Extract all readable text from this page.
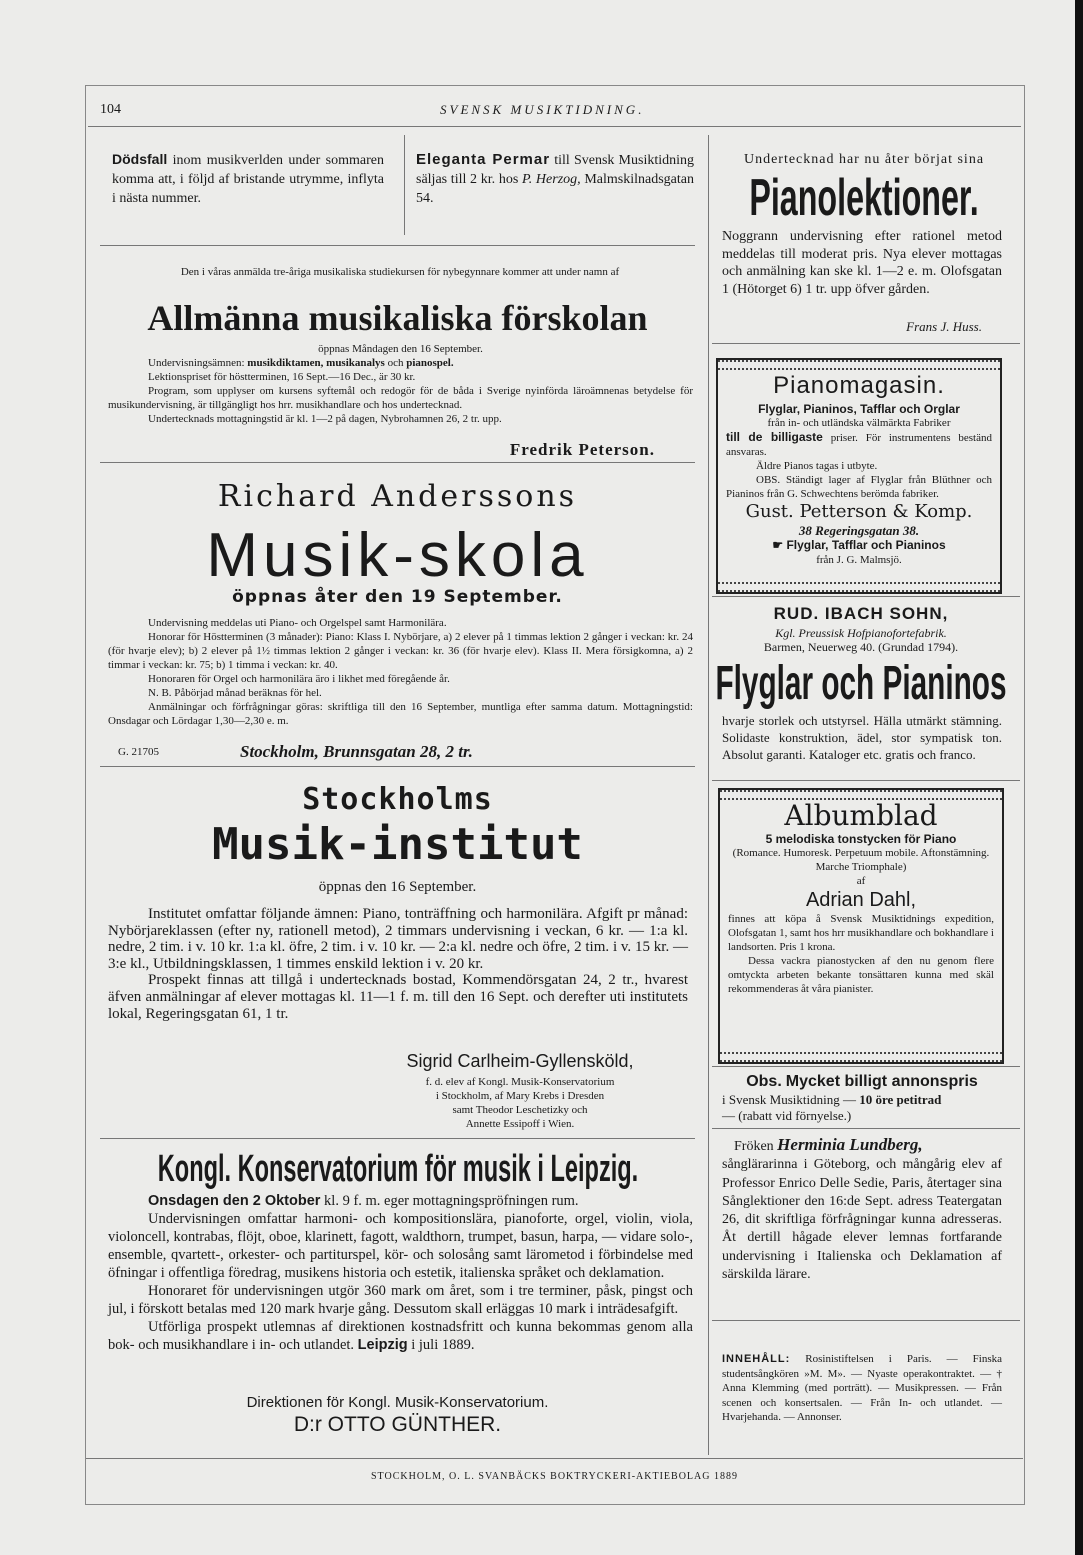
104	SVENSK MUSIKTIDNING.
Dödsfall inom musikverlden under sommaren komma att, i följd af bristande utrymme, inflyta i nästa nummer.
Eleganta Permar till Svensk Musiktidning säljas till 2 kr. hos P. Herzog, Malmskilnadsgatan 54.
Den i våras anmälda tre-åriga musikaliska studiekursen för nybegynnare kommer att under namn af
Allmänna musikaliska förskolan

öppnas Måndagen den 16 September.

Undervisningsämnen: musikdiktamen, musikanalys och pianospel.

Lektionspriset för höstterminen, 16 Sept.—16 Dec., är 30 kr.

Program, som upplyser om kursens syftemål och redogör för de båda i Sverige nyinförda läroämnenas betydelse för musikundervisning, är tillgängligt hos hrr. musikhandlare och hos undertecknad.

Undertecknads mottagningstid är kl. 1—2 på dagen, Nybrohamnen 26, 2 tr. upp.

Fredrik Peterson.
Richard Anderssons
Musik-skola
öppnas åter den 19 September.

Undervisning meddelas uti Piano- och Orgelspel samt Harmonilära.

Honorar för Höstterminen (3 månader): Piano: Klass I. Nybörjare, a) 2 elever på 1 timmas lektion 2 gånger i veckan: kr. 24 (för hvarje elev); b) 2 elever på 1½ timmas lektion 2 gånger i veckan: kr. 36 (för hvarje elev). Klass II. Mera försigkomna, a) 2 timmar i veckan: kr. 75; b) 1 timma i veckan: kr. 40.

Honoraren för Orgel och harmonilära äro i likhet med föregående år.

N. B. Påbörjad månad beräknas för hel.

Anmälningar och förfrågningar göras: skriftliga till den 16 September, muntliga efter samma datum. Mottagningstid: Onsdagar och Lördagar 1,30—2,30 e. m.

G. 21705	Stockholm, Brunnsgatan 28, 2 tr.
Stockholms
Musik-institut
öppnas den 16 September.

Institutet omfattar följande ämnen: Piano, tonträffning och harmonilära. Afgift pr månad: Nybörjareklassen (efter ny, rationell metod), 2 timmars undervisning i veckan, 6 kr. — 1:a kl. nedre, 2 tim. i v. 10 kr. 1:a kl. öfre, 2 tim. i v. 10 kr. — 2:a kl. nedre och öfre, 2 tim. i v. 15 kr. — 3:e kl., Utbildningsklassen, 1 timmes enskild lektion i v. 20 kr.

Prospekt finnas att tillgå i undertecknads bostad, Kommendörsgatan 24, 2 tr., hvarest äfven anmälningar af elever mottagas kl. 11—1 f. m. till den 16 Sept. och derefter uti institutets lokal, Regeringsgatan 61, 1 tr.

Sigrid Carlheim-Gyllensköld,

f. d. elev af Kongl. Musik-Konservatorium

i Stockholm, af Mary Krebs i Dresden

samt Theodor Leschetizky och

Annette Essipoff i Wien.

Kongl. Konservatorium för musik i Leipzig.

Onsdagen den 2 Oktober kl. 9 f. m. eger mottagningspröfningen rum.

Undervisningen omfattar harmoni- och kompositionslära, pianoforte, orgel, violin, viola, violoncell, kontrabas, flöjt, oboe, klarinett, fagott, waldthorn, trumpet, basun, harpa, — vidare solo-, ensemble, qvartett-, orkester- och partiturspel, kör- och solosång samt lärometod i förbindelse med öfningar i offentliga föredrag, musikens historia och estetik, italienska språket och deklamation.

Honoraret för undervisningen utgör 360 mark om året, som i tre terminer, påsk, pingst och jul, i förskott betalas med 120 mark hvarje gång. Dessutom skall erläggas 10 mark i inträdesafgift.

Utförliga prospekt utlemnas af direktionen kostnadsfritt och kunna bekommas genom alla bok- och musikhandlare i in- och utlandet. Leipzig i juli 1889.

Direktionen för Kongl. Musik-Konservatorium.
D:r OTTO GÜNTHER.
Undertecknad har nu åter börjat sina
Pianolektioner.
Noggrann undervisning efter rationel metod meddelas till moderat pris. Nya elever mottagas och anmälning kan ske kl. 1—2 e. m. Olofsgatan 1 (Hötorget 6) 1 tr. upp öfver gården.
Frans J. Huss.
Pianomagasin.

Flyglar, Pianinos, Tafflar och Orglar

från in- och utländska välmärkta Fabriker

till de billigaste priser. För instrumentens beständ ansvaras.

Äldre Pianos tagas i utbyte.

OBS. Ständigt lager af Flyglar från Blüthner och Pianinos från G. Schwechtens berömda fabriker.

Gust. Petterson & Komp.
38 Regeringsgatan 38.
☛ Flyglar, Tafflar och Pianinos
från J. G. Malmsjö.
RUD. IBACH SOHN,
Kgl. Preussisk Hofpianofortefabrik.
Barmen, Neuerweg 40. (Grundad 1794).
Flyglar och Pianinos
hvarje storlek och utstyrsel. Hälla utmärkt stämning. Solidaste konstruktion, ädel, stor sympatisk ton. Absolut garanti. Kataloger etc. gratis och franco.
Albumblad

5 melodiska tonstycken för Piano

(Romance. Humoresk. Perpetuum mobile. Aftonstämning. Marche Triomphale)

af

Adrian Dahl,

finnes att köpa å Svensk Musiktidnings expedition, Olofsgatan 1, samt hos hrr musikhandlare och bokhandlare i landsorten. Pris 1 krona.

Dessa vackra pianostycken af den nu genom flere omtyckta arbeten bekante tonsättaren kunna med skäl rekommenderas åt våra pianister.

Obs. Mycket billigt annonspris

i Svensk Musiktidning — 10 öre petitrad

— (rabatt vid förnyelse.)

Fröken Herminia Lundberg,

sånglärarinna i Göteborg, och mångårig elev af Professor Enrico Delle Sedie, Paris, återtager sina Sånglektioner den 16:de Sept. adress Teatergatan 26, dit skriftliga förfrågningar kunna adresseras. Åt dertill hågade elever lemnas fortfarande undervisning i Italienska och Deklamation af särskilda lärare.

INNEHÅLL: Rosinistiftelsen i Paris. — Finska studentsångkören »M. M». — Nyaste operakontraktet. — † Anna Klemming (med porträtt). — Musikpressen. — Från scenen och konsertsalen. — Från In- och utlandet. — Hvarjehanda. — Annonser.
STOCKHOLM, O. L. SVANBÄCKS BOKTRYCKERI-AKTIEBOLAG 1889
